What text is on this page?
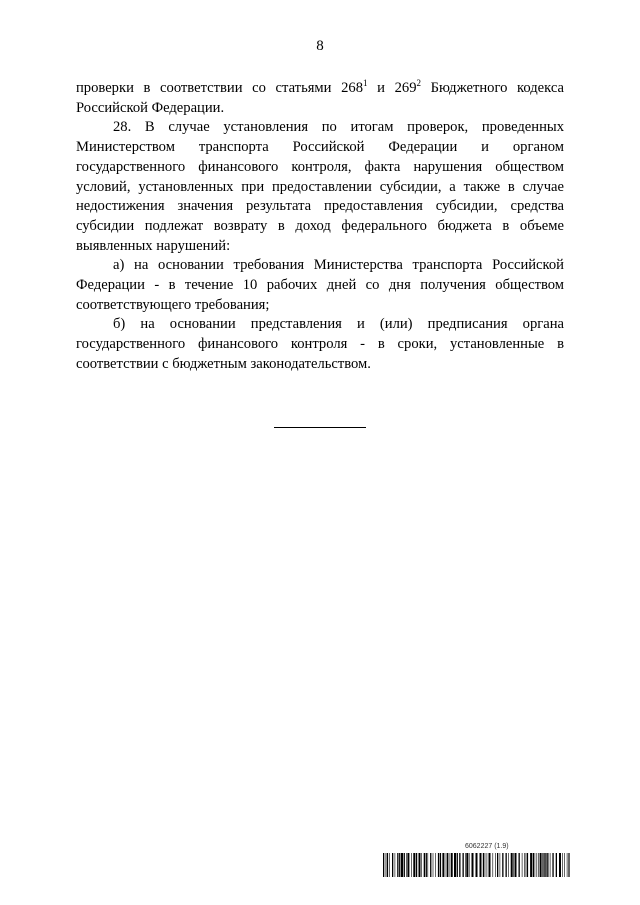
8

проверки в соответствии со статьями $268^1$ и $269^2$ Бюджетного кодекса Российской Федерации.

28. В случае установления по итогам проверок, проведенных Министерством транспорта Российской Федерации и органом государственного финансового контроля, факта нарушения обществом условий, установленных при предоставлении субсидии, а также в случае недостижения значения результата предоставления субсидии, средства субсидии подлежат возврату в доход федерального бюджета в объеме выявленных нарушений:

а) на основании требования Министерства транспорта Российской Федерации - в течение 10 рабочих дней со дня получения обществом соответствующего требования;

б) на основании представления и (или) предписания органа государственного финансового контроля - в сроки, установленные в соответствии с бюджетным законодательством.

6062227 (1.9)
